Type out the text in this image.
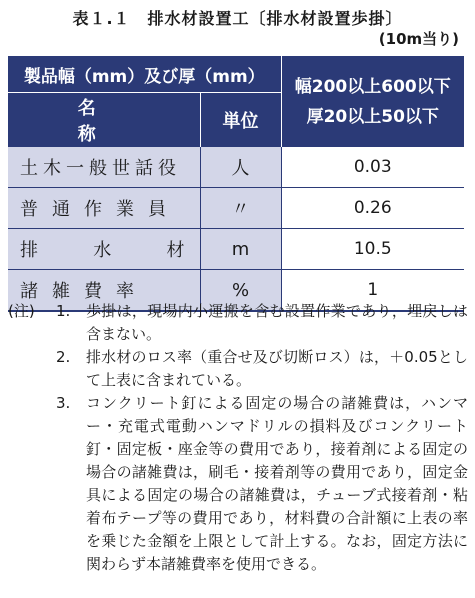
表１.１　排水材設置工〔排水材設置歩掛〕
(10m当り)
製品幅（mm）及び厚（mm）		幅200以上600以下
厚20以上50以下

名　　称	単位	
土木一般世話役	人	0.03
普通作業員	〃	0.26

排 水 材	m	10.5
諸雑費率	%	1
(注) 1. 歩掛は，現場内小運搬を含む設置作業であり，埋戻しは含まない。
2. 排水材のロス率（重合せ及び切断ロス）は，＋0.05として上表に含まれている。
3. コンクリート釘による固定の場合の諸雑費は，ハンマー・充電式電動ハンマドリルの損料及びコンクリート釘・固定板・座金等の費用であり，接着剤による固定の場合の諸雑費は，刷毛・接着剤等の費用であり，固定金具による固定の場合の諸雑費は，チューブ式接着剤・粘着布テープ等の費用であり，材料費の合計額に上表の率を乗じた金額を上限として計上する。なお，固定方法に関わらず本諸雑費率を使用できる。
